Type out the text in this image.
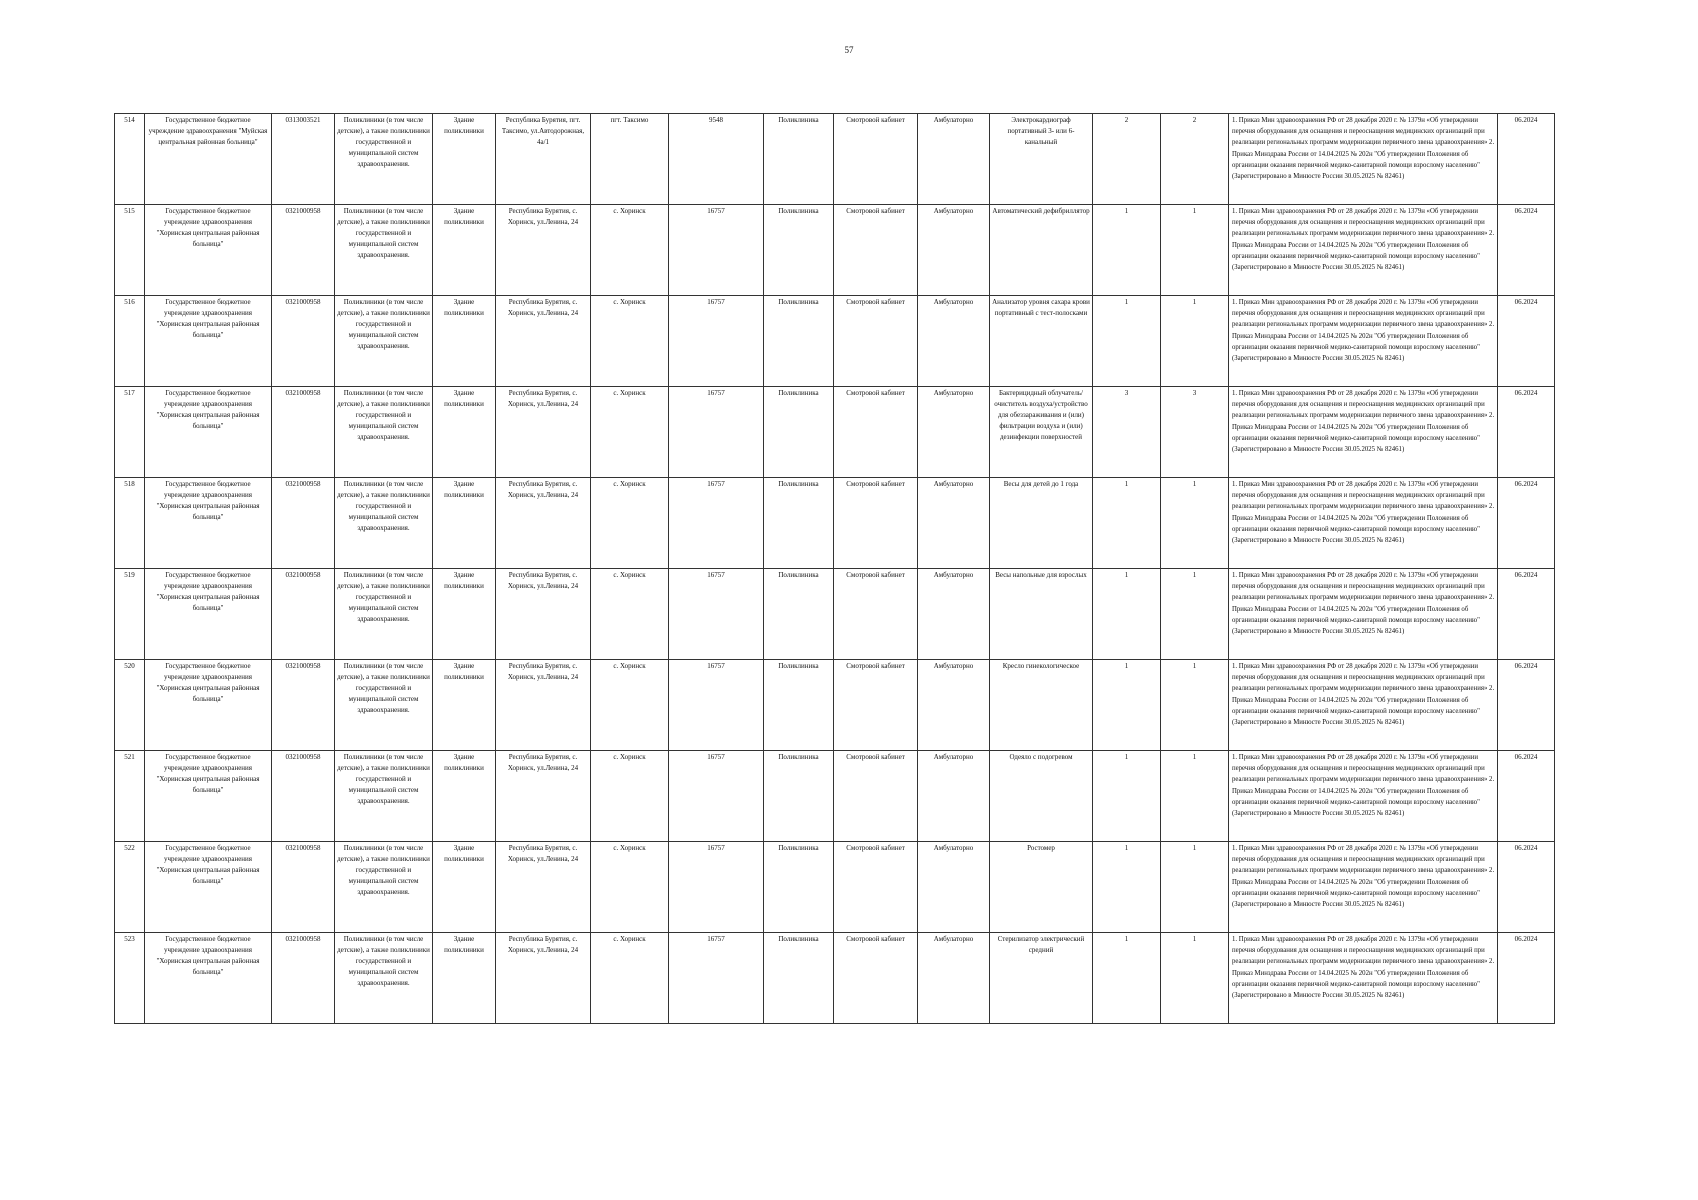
57
514	Государственное бюджетное учреждение здравоохранения "Муйская центральная районная больница"	0313003521	Поликлиники (в том числе детские), а также поликлиники государственной и муниципальной систем здравоохранения.	Здание поликлиники	Республика Бурятия, пгт. Таксимо, ул.Автодорожная, 4а/1	пгт. Таксимо	9548	Поликлиника	Смотровой кабинет	Амбулаторно	Электрокардиограф портативный 3- или 6-канальный	2	2	1. Приказ Мин здравоохранения РФ от 28 декабря 2020 г. № 1379н «Об утверждении перечня оборудования для оснащения и переоснащения медицинских организаций при реализации региональных программ модернизации первичного звена здравоохранения» 2. Приказ Минздрава России от 14.04.2025 № 202н "Об утверждении Положения об организации оказания первичной медико-санитарной помощи взрослому населению" (Зарегистрировано в Минюсте России 30.05.2025 № 82461)	06.2024
515	Государственное бюджетное учреждение здравоохранения "Хоринская центральная районная больница"	0321000958	Поликлиники (в том числе детские), а также поликлиники государственной и муниципальной систем здравоохранения.	Здание поликлиники	Республика Бурятия, с. Хоринск, ул.Ленина, 24	с. Хоринск	16757	Поликлиника	Смотровой кабинет	Амбулаторно	Автоматический дефибриллятор	1	1	1. Приказ Мин здравоохранения РФ от 28 декабря 2020 г. № 1379н «Об утверждении перечня оборудования для оснащения и переоснащения медицинских организаций при реализации региональных программ модернизации первичного звена здравоохранения» 2. Приказ Минздрава России от 14.04.2025 № 202н "Об утверждении Положения об организации оказания первичной медико-санитарной помощи взрослому населению" (Зарегистрировано в Минюсте России 30.05.2025 № 82461)	06.2024
516	Государственное бюджетное учреждение здравоохранения "Хоринская центральная районная больница"	0321000958	Поликлиники (в том числе детские), а также поликлиники государственной и муниципальной систем здравоохранения.	Здание поликлиники	Республика Бурятия, с. Хоринск, ул.Ленина, 24	с. Хоринск	16757	Поликлиника	Смотровой кабинет	Амбулаторно	Анализатор уровня сахара крови портативный с тест-полосками	1	1	1. Приказ Мин здравоохранения РФ от 28 декабря 2020 г. № 1379н «Об утверждении перечня оборудования для оснащения и переоснащения медицинских организаций при реализации региональных программ модернизации первичного звена здравоохранения» 2. Приказ Минздрава России от 14.04.2025 № 202н "Об утверждении Положения об организации оказания первичной медико-санитарной помощи взрослому населению" (Зарегистрировано в Минюсте России 30.05.2025 № 82461)	06.2024
517	Государственное бюджетное учреждение здравоохранения "Хоринская центральная районная больница"	0321000958	Поликлиники (в том числе детские), а также поликлиники государственной и муниципальной систем здравоохранения.	Здание поликлиники	Республика Бурятия, с. Хоринск, ул.Ленина, 24	с. Хоринск	16757	Поликлиника	Смотровой кабинет	Амбулаторно	Бактерицидный облучатель/очиститель воздуха/устройство для обеззараживания и (или) фильтрации воздуха и (или) дезинфекции поверхностей	3	3	1. Приказ Мин здравоохранения РФ от 28 декабря 2020 г. № 1379н «Об утверждении перечня оборудования для оснащения и переоснащения медицинских организаций при реализации региональных программ модернизации первичного звена здравоохранения» 2. Приказ Минздрава России от 14.04.2025 № 202н "Об утверждении Положения об организации оказания первичной медико-санитарной помощи взрослому населению" (Зарегистрировано в Минюсте России 30.05.2025 № 82461)	06.2024
518	Государственное бюджетное учреждение здравоохранения "Хоринская центральная районная больница"	0321000958	Поликлиники (в том числе детские), а также поликлиники государственной и муниципальной систем здравоохранения.	Здание поликлиники	Республика Бурятия, с. Хоринск, ул.Ленина, 24	с. Хоринск	16757	Поликлиника	Смотровой кабинет	Амбулаторно	Весы для детей до 1 года	1	1	1. Приказ Мин здравоохранения РФ от 28 декабря 2020 г. № 1379н «Об утверждении перечня оборудования для оснащения и переоснащения медицинских организаций при реализации региональных программ модернизации первичного звена здравоохранения» 2. Приказ Минздрава России от 14.04.2025 № 202н "Об утверждении Положения об организации оказания первичной медико-санитарной помощи взрослому населению" (Зарегистрировано в Минюсте России 30.05.2025 № 82461)	06.2024
519	Государственное бюджетное учреждение здравоохранения "Хоринская центральная районная больница"	0321000958	Поликлиники (в том числе детские), а также поликлиники государственной и муниципальной систем здравоохранения.	Здание поликлиники	Республика Бурятия, с. Хоринск, ул.Ленина, 24	с. Хоринск	16757	Поликлиника	Смотровой кабинет	Амбулаторно	Весы напольные для взрослых	1	1	1. Приказ Мин здравоохранения РФ от 28 декабря 2020 г. № 1379н «Об утверждении перечня оборудования для оснащения и переоснащения медицинских организаций при реализации региональных программ модернизации первичного звена здравоохранения» 2. Приказ Минздрава России от 14.04.2025 № 202н "Об утверждении Положения об организации оказания первичной медико-санитарной помощи взрослому населению" (Зарегистрировано в Минюсте России 30.05.2025 № 82461)	06.2024
520	Государственное бюджетное учреждение здравоохранения "Хоринская центральная районная больница"	0321000958	Поликлиники (в том числе детские), а также поликлиники государственной и муниципальной систем здравоохранения.	Здание поликлиники	Республика Бурятия, с. Хоринск, ул.Ленина, 24	с. Хоринск	16757	Поликлиника	Смотровой кабинет	Амбулаторно	Кресло гинекологическое	1	1	1. Приказ Мин здравоохранения РФ от 28 декабря 2020 г. № 1379н «Об утверждении перечня оборудования для оснащения и переоснащения медицинских организаций при реализации региональных программ модернизации первичного звена здравоохранения» 2. Приказ Минздрава России от 14.04.2025 № 202н "Об утверждении Положения об организации оказания первичной медико-санитарной помощи взрослому населению" (Зарегистрировано в Минюсте России 30.05.2025 № 82461)	06.2024
521	Государственное бюджетное учреждение здравоохранения "Хоринская центральная районная больница"	0321000958	Поликлиники (в том числе детские), а также поликлиники государственной и муниципальной систем здравоохранения.	Здание поликлиники	Республика Бурятия, с. Хоринск, ул.Ленина, 24	с. Хоринск	16757	Поликлиника	Смотровой кабинет	Амбулаторно	Одеяло с подогревом	1	1	1. Приказ Мин здравоохранения РФ от 28 декабря 2020 г. № 1379н «Об утверждении перечня оборудования для оснащения и переоснащения медицинских организаций при реализации региональных программ модернизации первичного звена здравоохранения» 2. Приказ Минздрава России от 14.04.2025 № 202н "Об утверждении Положения об организации оказания первичной медико-санитарной помощи взрослому населению" (Зарегистрировано в Минюсте России 30.05.2025 № 82461)	06.2024
522	Государственное бюджетное учреждение здравоохранения "Хоринская центральная районная больница"	0321000958	Поликлиники (в том числе детские), а также поликлиники государственной и муниципальной систем здравоохранения.	Здание поликлиники	Республика Бурятия, с. Хоринск, ул.Ленина, 24	с. Хоринск	16757	Поликлиника	Смотровой кабинет	Амбулаторно	Ростомер	1	1	1. Приказ Мин здравоохранения РФ от 28 декабря 2020 г. № 1379н «Об утверждении перечня оборудования для оснащения и переоснащения медицинских организаций при реализации региональных программ модернизации первичного звена здравоохранения» 2. Приказ Минздрава России от 14.04.2025 № 202н "Об утверждении Положения об организации оказания первичной медико-санитарной помощи взрослому населению" (Зарегистрировано в Минюсте России 30.05.2025 № 82461)	06.2024
523	Государственное бюджетное учреждение здравоохранения "Хоринская центральная районная больница"	0321000958	Поликлиники (в том числе детские), а также поликлиники государственной и муниципальной систем здравоохранения.	Здание поликлиники	Республика Бурятия, с. Хоринск, ул.Ленина, 24	с. Хоринск	16757	Поликлиника	Смотровой кабинет	Амбулаторно	Стерилизатор электрический средний	1	1	1. Приказ Мин здравоохранения РФ от 28 декабря 2020 г. № 1379н «Об утверждении перечня оборудования для оснащения и переоснащения медицинских организаций при реализации региональных программ модернизации первичного звена здравоохранения» 2. Приказ Минздрава России от 14.04.2025 № 202н "Об утверждении Положения об организации оказания первичной медико-санитарной помощи взрослому населению" (Зарегистрировано в Минюсте России 30.05.2025 № 82461)	06.2024
